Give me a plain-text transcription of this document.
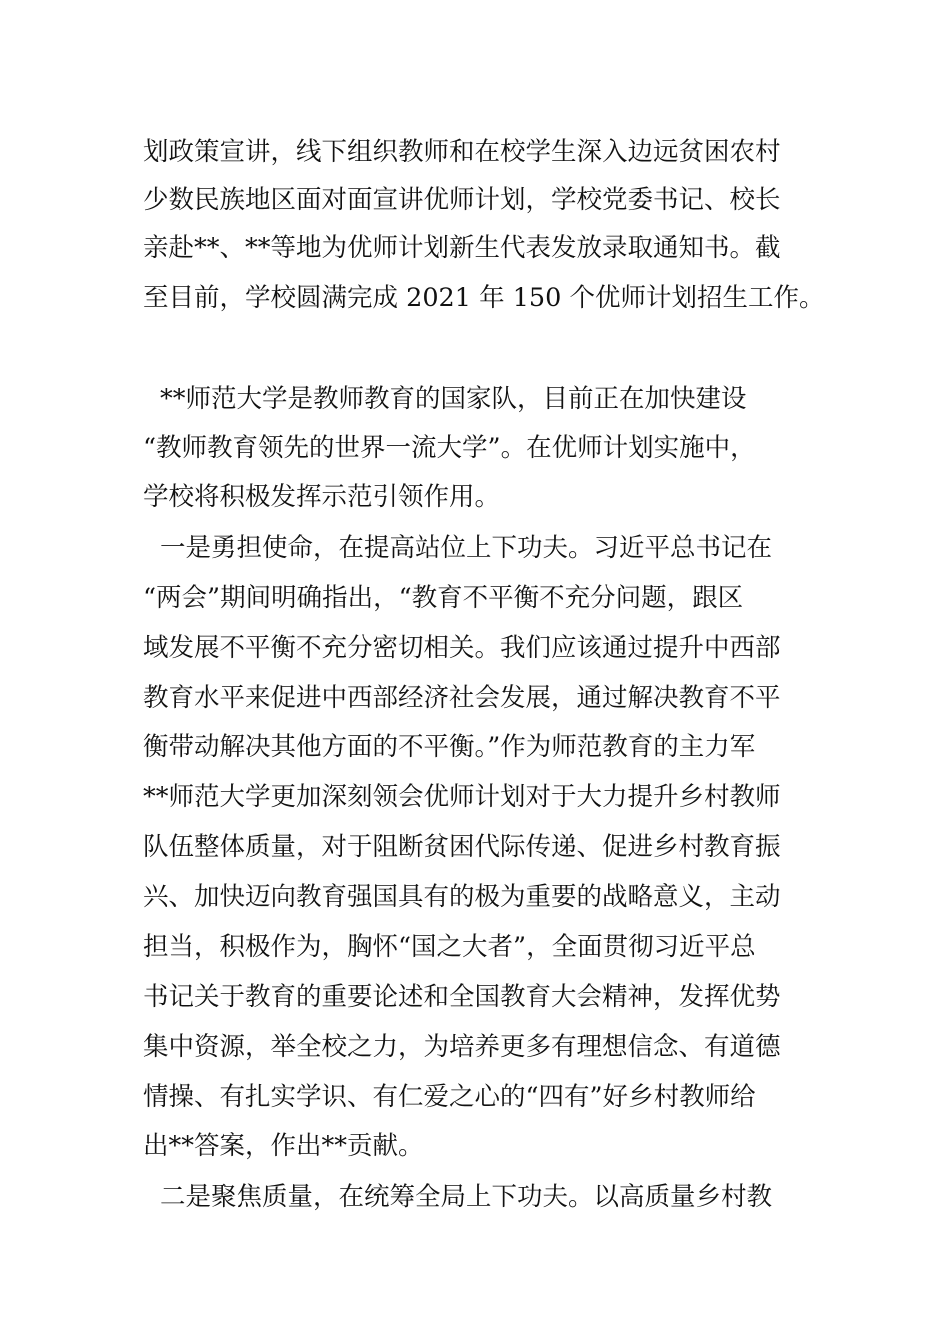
划政策宣讲，线下组织教师和在校学生深入边远贫困农村
少数民族地区面对面宣讲优师计划，学校党委书记、校长
亲赴**、**等地为优师计划新生代表发放录取通知书。截
至目前，学校圆满完成 2021 年 150 个优师计划招生工作。
**师范大学是教师教育的国家队，目前正在加快建设
“教师教育领先的世界一流大学”。在优师计划实施中，
学校将积极发挥示范引领作用。
一是勇担使命，在提高站位上下功夫。习近平总书记在
“两会”期间明确指出，“教育不平衡不充分问题，跟区
域发展不平衡不充分密切相关。我们应该通过提升中西部
教育水平来促进中西部经济社会发展，通过解决教育不平
衡带动解决其他方面的不平衡。”作为师范教育的主力军
**师范大学更加深刻领会优师计划对于大力提升乡村教师
队伍整体质量，对于阻断贫困代际传递、促进乡村教育振
兴、加快迈向教育强国具有的极为重要的战略意义，主动
担当，积极作为，胸怀“国之大者”，全面贯彻习近平总
书记关于教育的重要论述和全国教育大会精神，发挥优势
集中资源，举全校之力，为培养更多有理想信念、有道德
情操、有扎实学识、有仁爱之心的“四有”好乡村教师给
出**答案，作出**贡献。
二是聚焦质量，在统筹全局上下功夫。以高质量乡村教
